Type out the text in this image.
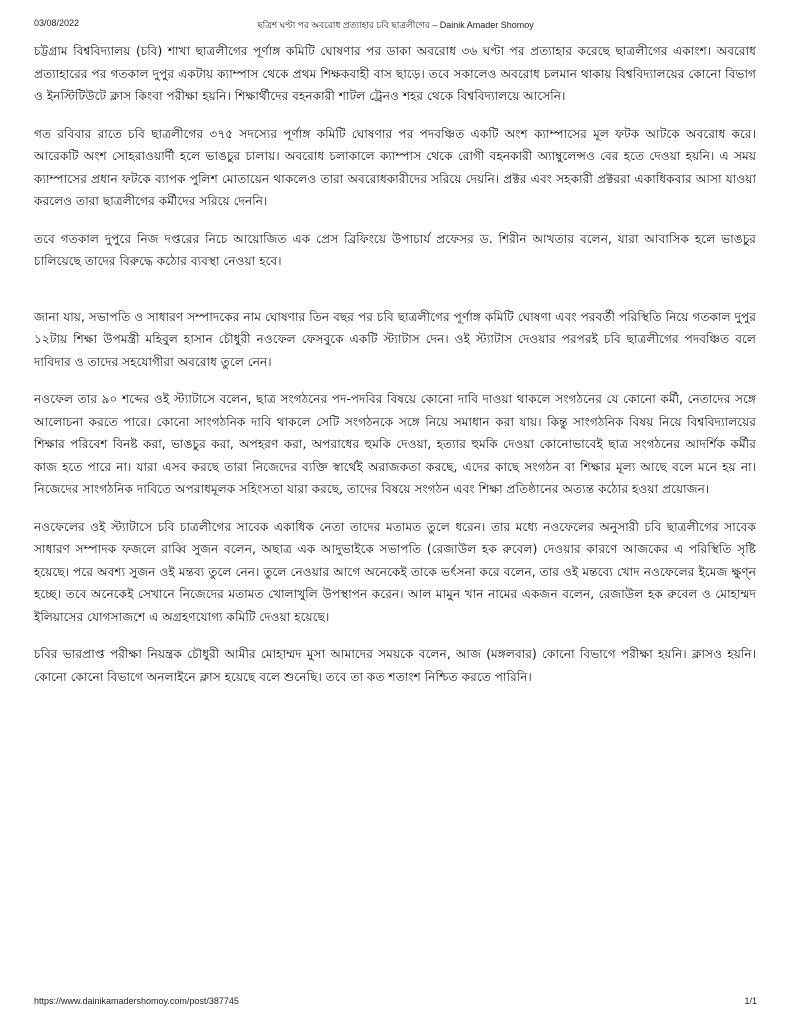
03/08/2022	ছত্রিশ ঘণ্টা পর অবরোধ প্রত্যাহার চবি ছাত্রলীগের – Dainik Amader Shomoy

চট্টগ্রাম বিশ্ববিদ্যালয় (চবি) শাখা ছাত্রলীগের পূর্ণাঙ্গ কমিটি ঘোষণার পর ডাকা অবরোধ ৩৬ ঘণ্টা পর প্রত্যাহার করেছে ছাত্রলীগের একাংশ। অবরোধ প্রত্যাহারের পর গতকাল দুপুর একটায় ক্যাম্পাস থেকে প্রথম শিক্ষকবাহী বাস ছাড়ে। তবে সকালেও অবরোধ চলমান থাকায় বিশ্ববিদ্যালয়ের কোনো বিভাগ ও ইনস্টিটিউটে ক্লাস কিংবা পরীক্ষা হয়নি। শিক্ষার্থীদের বহনকারী শাটল ট্রেনও শহর থেকে বিশ্ববিদ্যালয়ে আসেনি।

গত রবিবার রাতে চবি ছাত্রলীগের ৩৭৫ সদস্যের পূর্ণাঙ্গ কমিটি ঘোষণার পর পদবঞ্চিত একটি অংশ ক্যাম্পাসের মূল ফটক আটকে অবরোধ করে। আরেকটি অংশ সোহরাওয়ার্দী হলে ভাঙচুর চালায়। অবরোধ চলাকালে ক্যাম্পাস থেকে রোগী বহনকারী অ্যাম্বুলেন্সও বের হতে দেওয়া হয়নি। এ সময় ক্যাম্পাসের প্রধান ফটকে ব্যাপক পুলিশ মোতায়েন থাকলেও তারা অবরোধকারীদের সরিয়ে দেয়নি। প্রক্টর এবং সহকারী প্রক্টররা একাধিকবার আসা যাওয়া করলেও তারা ছাত্রলীগের কর্মীদের সরিয়ে দেননি।

তবে গতকাল দুপুরে নিজ দপ্তরের নিচে আয়োজিত এক প্রেস ব্রিফিংয়ে উপাচার্য প্রফেসর ড. শিরীন আখতার বলেন, যারা আবাসিক হলে ভাঙচুর চালিয়েছে তাদের বিরুদ্ধে কঠোর ব্যবস্থা নেওয়া হবে।

জানা যায়, সভাপতি ও সাধারণ সম্পাদকের নাম ঘোষণার তিন বছর পর চবি ছাত্রলীগের পূর্ণাঙ্গ কমিটি ঘোষণা এবং পরবর্তী পরিস্থিতি নিয়ে গতকাল দুপুর ১২টায় শিক্ষা উপমন্ত্রী মহিবুল হাসান চৌধুরী নওফেল ফেসবুকে একটি স্ট্যাটাস দেন। ওই স্ট্যাটাস দেওয়ার পরপরই চবি ছাত্রলীগের পদবঞ্চিত বলে দাবিদার ও তাদের সহযোগীরা অবরোধ তুলে নেন।

নওফেল তার ৯০ শব্দের ওই স্ট্যাটাসে বলেন, ছাত্র সংগঠনের পদ-পদবির বিষয়ে কোনো দাবি দাওয়া থাকলে সংগঠনের যে কোনো কর্মী, নেতাদের সঙ্গে আলোচনা করতে পারে। কোনো সাংগঠনিক দাবি থাকলে সেটি সংগঠনকে সঙ্গে নিয়ে সমাধান করা যায়। কিন্তু সাংগঠনিক বিষয় নিয়ে বিশ্ববিদ্যালয়ের শিক্ষার পরিবেশ বিনষ্ট করা, ভাঙচুর করা, অপহরণ করা, অপরাধের হুমকি দেওয়া, হত্যার হুমকি দেওয়া কোনোভাবেই ছাত্র সংগঠনের আদর্শিক কর্মীর কাজ হতে পারে না। যারা এসব করছে তারা নিজেদের ব্যক্তি স্বার্থেই অরাজকতা করছে, এদের কাছে সংগঠন বা শিক্ষার মূল্য আছে বলে মনে হয় না। নিজেদের সাংগঠনিক দাবিতে অপরাধমূলক সহিংসতা যারা করছে, তাদের বিষয়ে সংগঠন এবং শিক্ষা প্রতিষ্ঠানের অত্যন্ত কঠোর হওয়া প্রয়োজন।

নওফেলের ওই স্ট্যাটাসে চবি চাত্রলীগের সাবেক একাধিক নেতা তাদের মতামত তুলে ধরেন। তার মধ্যে নওফেলের অনুসারী চবি ছাত্রলীগের সাবেক সাধারণ সম্পাদক ফজলে রাব্বি সুজন বলেন, অছাত্র এক আদুভাইকে সভাপতি (রেজাউল হক রুবেল) দেওয়ার কারণে আজকের এ পরিস্থিতি সৃষ্টি হয়েছে। পরে অবশ্য সুজন ওই মন্তব্য তুলে নেন। তুলে নেওয়ার আগে অনেকেই তাকে ভর্ৎসনা করে বলেন, তার ওই মন্তব্যে খোদ নওফেলের ইমেজ ক্ষুণ্ন হচ্ছে। তবে অনেকেই সেখানে নিজেদের মতামত খোলাখুলি উপস্থাপন করেন। আল মামুন খান নামের একজন বলেন, রেজাউল হক রুবেল ও মোহাম্মদ ইলিয়াসের যোগসাজশে এ অগ্রহণযোগ্য কমিটি দেওয়া হয়েছে।

চবির ভারপ্রাপ্ত পরীক্ষা নিয়ন্ত্রক চৌধুরী আমীর মোহাম্মদ মুসা আমাদের সময়কে বলেন, আজ (মঙ্গলবার) কোনো বিভাগে পরীক্ষা হয়নি। ক্লাসও হয়নি। কোনো কোনো বিভাগে অনলাইনে ক্লাস হয়েছে বলে শুনেছি। তবে তা কত শতাংশ নিশ্চিত করতে পারিনি।

https://www.dainikamadershomoy.com/post/387745	1/1
